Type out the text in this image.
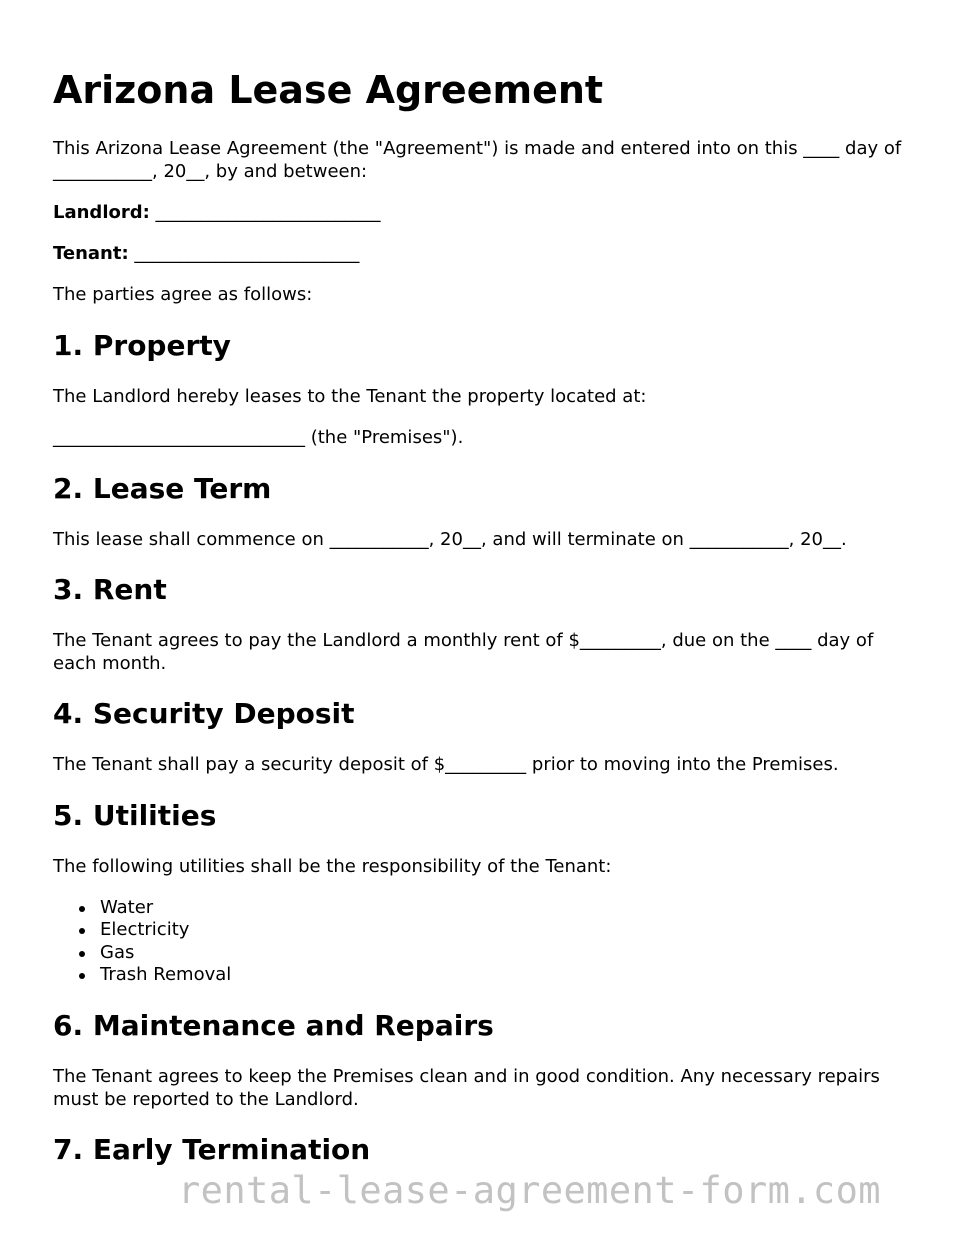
Arizona Lease Agreement

This Arizona Lease Agreement (the "Agreement") is made and entered into on this ____ day of ___________, 20__, by and between:

Landlord: _________________________

Tenant: _________________________

The parties agree as follows:

1. Property

The Landlord hereby leases to the Tenant the property located at:

____________________________ (the "Premises").

2. Lease Term

This lease shall commence on ___________, 20__, and will terminate on ___________, 20__.

3. Rent

The Tenant agrees to pay the Landlord a monthly rent of $_________, due on the ____ day of each month.

4. Security Deposit

The Tenant shall pay a security deposit of $_________ prior to moving into the Premises.

5. Utilities

The following utilities shall be the responsibility of the Tenant:

Water
Electricity
Gas
Trash Removal
6. Maintenance and Repairs

The Tenant agrees to keep the Premises clean and in good condition. Any necessary repairs must be reported to the Landlord.

7. Early Termination
rental-lease-agreement-form.com
